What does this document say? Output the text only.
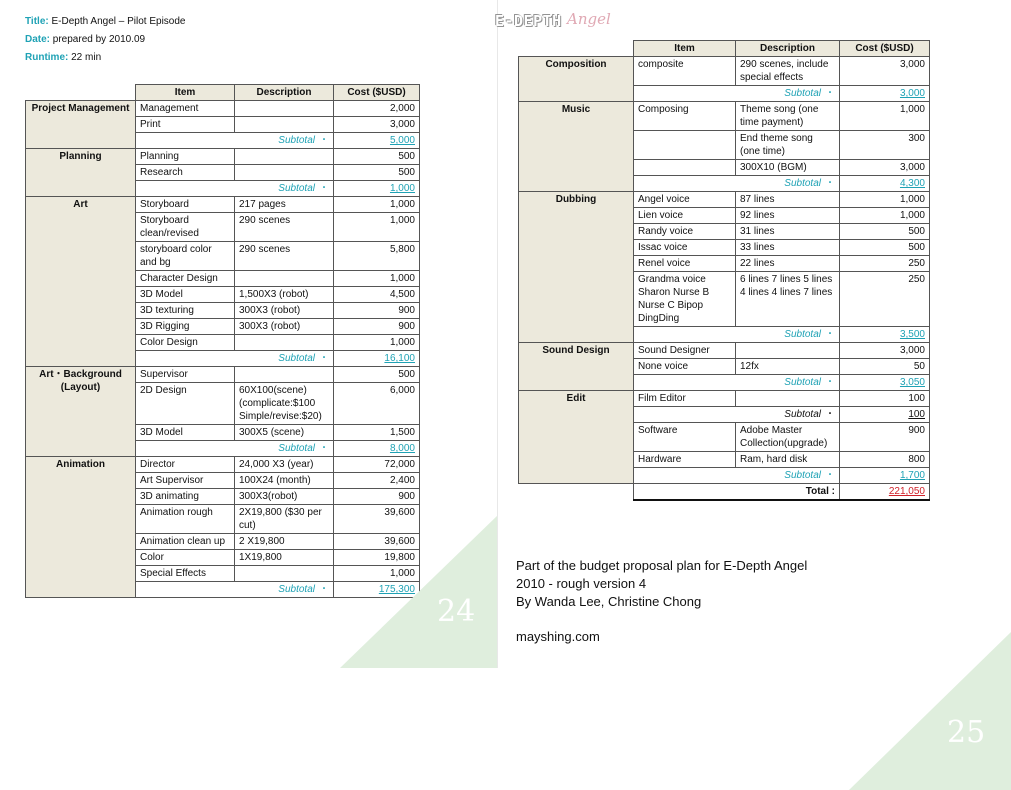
Title: E-Depth Angel – Pilot Episode
Date: prepared by 2010.09
Runtime: 22 min
	Item	Description	Cost ($USD)
Project Management	Management		2,000
	Print		3,000
	Subtotal ・		5,000
Planning	Planning		500
	Research		500
	Subtotal ・		1,000
Art	Storyboard	217 pages	1,000
	Storyboard clean/revised	290 scenes	1,000
	storyboard color and bg	290 scenes	5,800
	Character Design		1,000
	3D Model	1,500X3 (robot)	4,500
	3D texturing	300X3 (robot)	900
	3D Rigging	300X3 (robot)	900
	Color Design		1,000
	Subtotal ・		16,100
Art・Background (Layout)	Supervisor		500
	2D Design	60X100(scene) (complicate:$100 Simple/revise:$20)	6,000
	3D Model	300X5 (scene)	1,500
	Subtotal ・		8,000
Animation	Director	24,000 X3 (year)	72,000
	Art Supervisor	100X24 (month)	2,400
	3D animating	300X3(robot)	900
	Animation rough	2X19,800 ($30 per cut)	39,600
	Animation clean up	2 X19,800	39,600
	Color	1X19,800	19,800
	Special Effects		1,000
	Subtotal ・		175,300
24
E-DEPTH Angel
	Item	Description	Cost ($USD)
Composition	composite	290 scenes, include special effects	3,000
	Subtotal ・		3,000
Music	Composing	Theme song (one time payment)	1,000
		End theme song (one time)	300
		300X10 (BGM)	3,000
	Subtotal ・		4,300
Dubbing	Angel voice	87 lines	1,000
	Lien voice	92 lines	1,000
	Randy voice	31 lines	500
	Issac voice	33 lines	500
	Renel voice	22 lines	250
	Grandma voice Sharon Nurse B Nurse C Bipop DingDing	6 lines 7 lines 5 lines 4 lines 4 lines 7 lines	250
	Subtotal ・		3,500
Sound Design	Sound Designer		3,000
	None voice	12fx	50
	Subtotal ・		3,050
Edit	Film Editor		100
	Subtotal ・		100
	Software	Adobe Master Collection(upgrade)	900
	Hardware	Ram, hard disk	800
	Subtotal ・		1,700
	Total :		221,050
Part of the budget proposal plan for E-Depth Angel
2010 - rough version 4
By Wanda Lee, Christine Chong
mayshing.com
25
